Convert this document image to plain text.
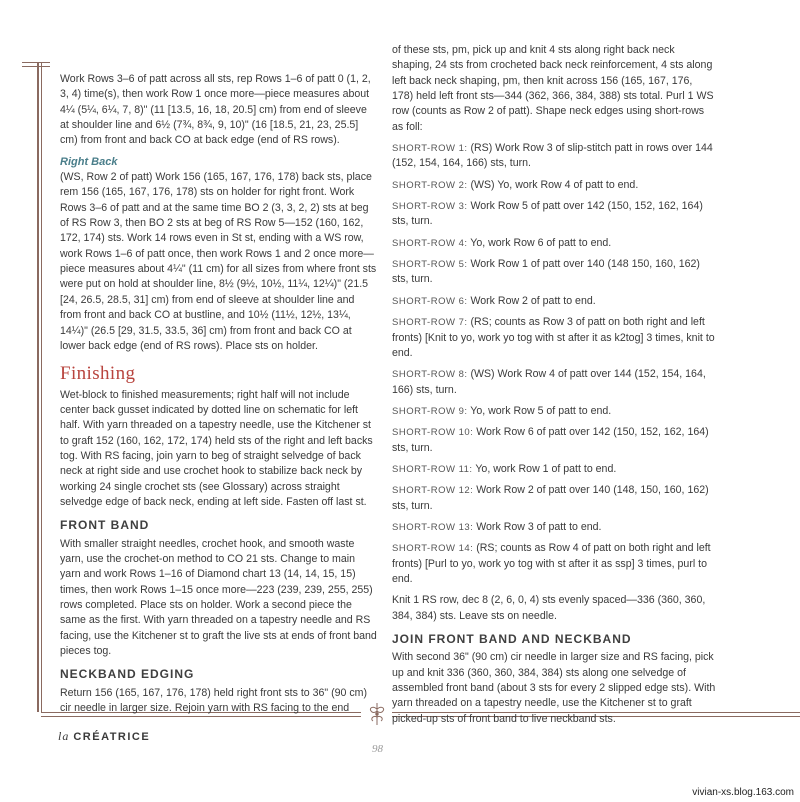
Work Rows 3–6 of patt across all sts, rep Rows 1–6 of patt 0 (1, 2, 3, 4) time(s), then work Row 1 once more—piece measures about 4¼ (5¼, 6¼, 7, 8)" (11 [13.5, 16, 18, 20.5] cm) from end of sleeve at shoulder line and 6½ (7¾, 8¾, 9, 10)" (16 [18.5, 21, 23, 25.5] cm) from front and back CO at back edge (end of RS rows).

Right Back

(WS, Row 2 of patt) Work 156 (165, 167, 176, 178) back sts, place rem 156 (165, 167, 176, 178) sts on holder for right front. Work Rows 3–6 of patt and at the same time BO 2 (3, 3, 2, 2) sts at beg of RS Row 3, then BO 2 sts at beg of RS Row 5—152 (160, 162, 172, 174) sts. Work 14 rows even in St st, ending with a WS row, work Rows 1–6 of patt once, then work Rows 1 and 2 once more—piece measures about 4¼" (11 cm) for all sizes from where front sts were put on hold at shoulder line, 8½ (9½, 10½, 11¼, 12¼)" (21.5 [24, 26.5, 28.5, 31] cm) from end of sleeve at shoulder line and from front and back CO at bustline, and 10½ (11½, 12½, 13¼, 14¼)" (26.5 [29, 31.5, 33.5, 36] cm) from front and back CO at lower back edge (end of RS rows). Place sts on holder.

Finishing

Wet-block to finished measurements; right half will not include center back gusset indicated by dotted line on schematic for left half. With yarn threaded on a tapestry needle, use the Kitchener st to graft 152 (160, 162, 172, 174) held sts of the right and left backs tog. With RS facing, join yarn to beg of straight selvedge of back neck at right side and use crochet hook to stabilize back neck by working 24 single crochet sts (see Glossary) across straight selvedge edge of back neck, ending at left side. Fasten off last st.

FRONT BAND

With smaller straight needles, crochet hook, and smooth waste yarn, use the crochet-on method to CO 21 sts. Change to main yarn and work Rows 1–16 of Diamond chart 13 (14, 14, 15, 15) times, then work Rows 1–15 once more—223 (239, 239, 255, 255) rows completed. Place sts on holder. Work a second piece the same as the first. With yarn threaded on a tapestry needle and RS facing, use the Kitchener st to graft the live sts at ends of front band pieces tog.

NECKBAND EDGING

Return 156 (165, 167, 176, 178) held right front sts to 36" (90 cm) cir needle in larger size. Rejoin yarn with RS facing to the end

of these sts, pm, pick up and knit 4 sts along right back neck shaping, 24 sts from crocheted back neck reinforcement, 4 sts along left back neck shaping, pm, then knit across 156 (165, 167, 176, 178) held left front sts—344 (362, 366, 384, 388) sts total. Purl 1 WS row (counts as Row 2 of patt). Shape neck edges using short-rows as foll:

SHORT-ROW 1: (RS) Work Row 3 of slip-stitch patt in rows over 144 (152, 154, 164, 166) sts, turn.

SHORT-ROW 2: (WS) Yo, work Row 4 of patt to end.

SHORT-ROW 3: Work Row 5 of patt over 142 (150, 152, 162, 164) sts, turn.

SHORT-ROW 4: Yo, work Row 6 of patt to end.

SHORT-ROW 5: Work Row 1 of patt over 140 (148 150, 160, 162) sts, turn.

SHORT-ROW 6: Work Row 2 of patt to end.

SHORT-ROW 7: (RS; counts as Row 3 of patt on both right and left fronts) [Knit to yo, work yo tog with st after it as k2tog] 3 times, knit to end.

SHORT-ROW 8: (WS) Work Row 4 of patt over 144 (152, 154, 164, 166) sts, turn.

SHORT-ROW 9: Yo, work Row 5 of patt to end.

SHORT-ROW 10: Work Row 6 of patt over 142 (150, 152, 162, 164) sts, turn.

SHORT-ROW 11: Yo, work Row 1 of patt to end.

SHORT-ROW 12: Work Row 2 of patt over 140 (148, 150, 160, 162) sts, turn.

SHORT-ROW 13: Work Row 3 of patt to end.

SHORT-ROW 14: (RS; counts as Row 4 of patt on both right and left fronts) [Purl to yo, work yo tog with st after it as ssp] 3 times, purl to end.

Knit 1 RS row, dec 8 (2, 6, 0, 4) sts evenly spaced—336 (360, 360, 384, 384) sts. Leave sts on needle.

JOIN FRONT BAND AND NECKBAND

With second 36" (90 cm) cir needle in larger size and RS facing, pick up and knit 336 (360, 360, 384, 384) sts along one selvedge of assembled front band (about 3 sts for every 2 slipped edge sts). With yarn threaded on a tapestry needle, use the Kitchener st to graft picked-up sts of front band to live neckband sts.

la CRÉATRICE
98
vivian-xs.blog.163.com
